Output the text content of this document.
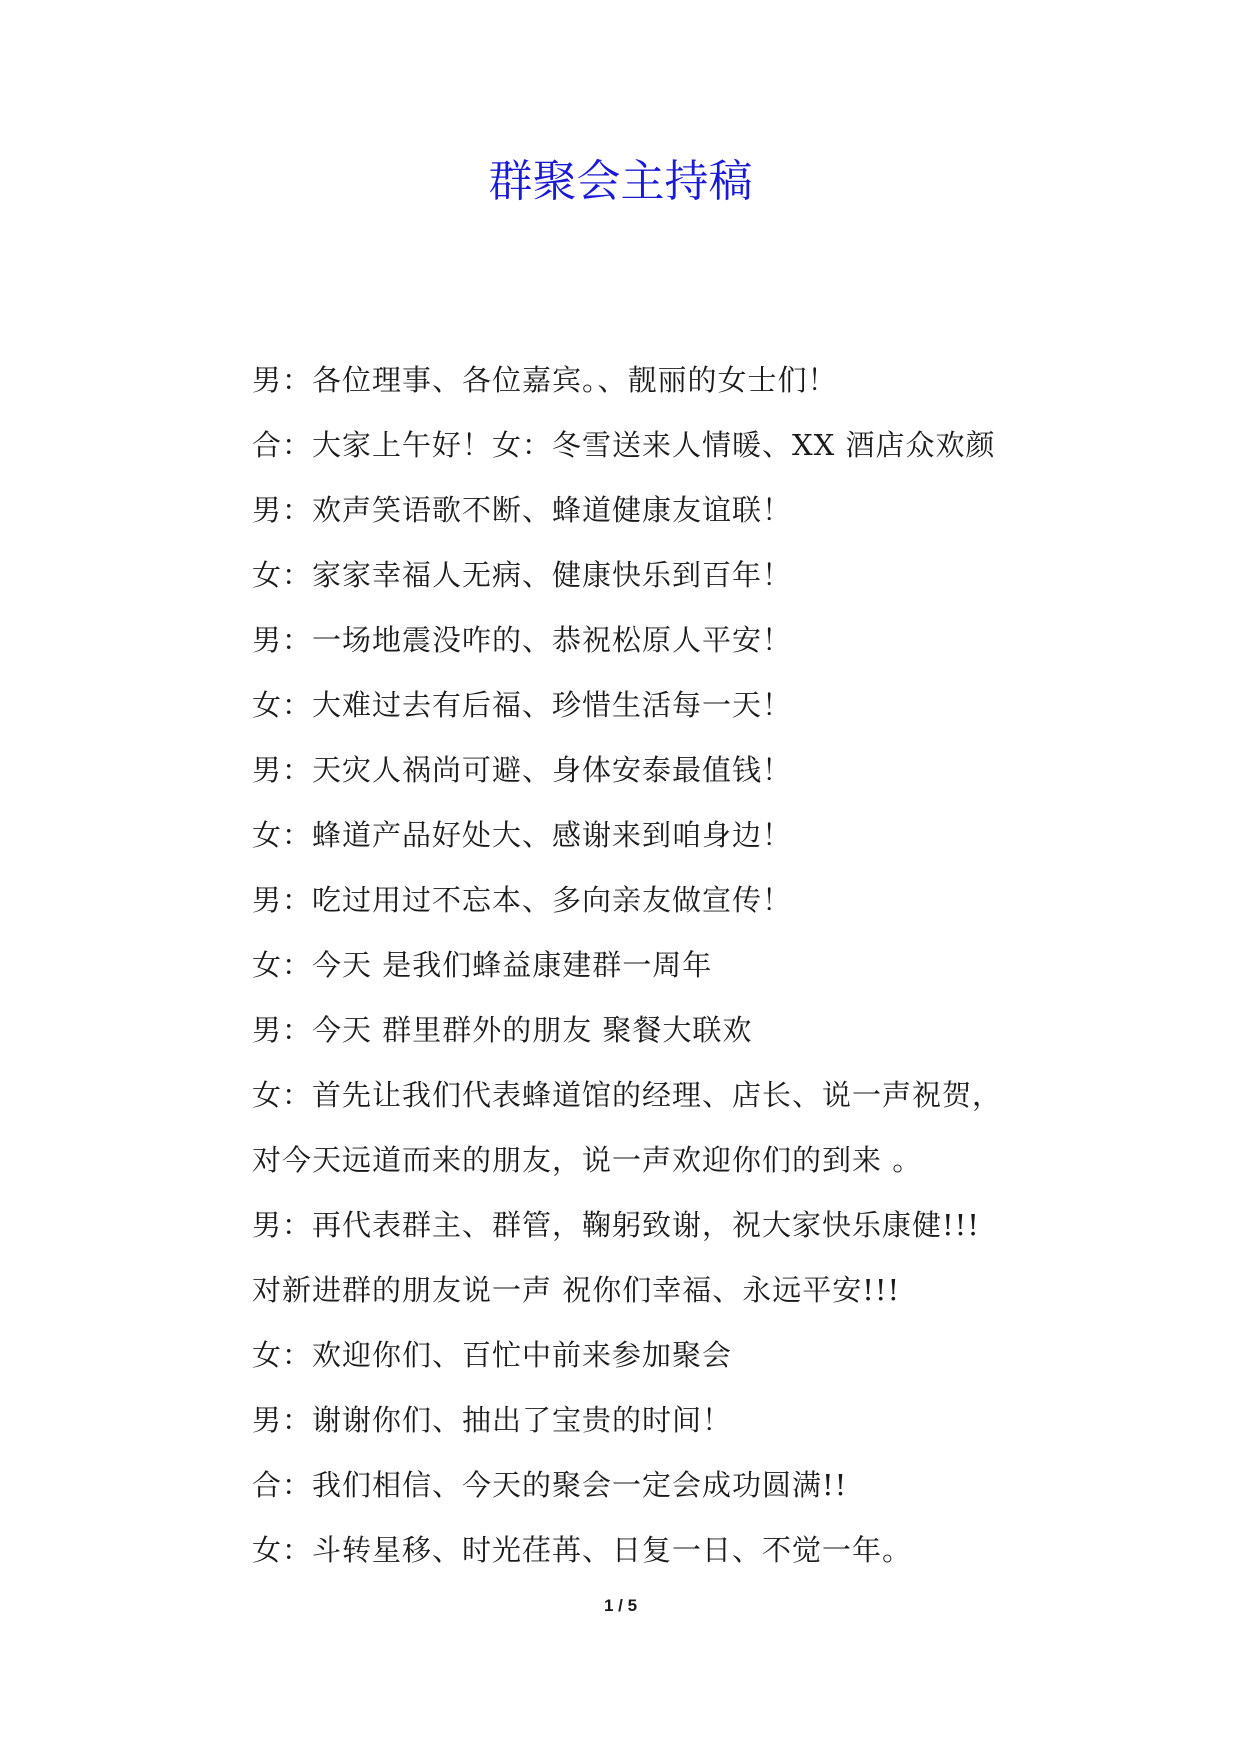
群聚会主持稿
男：各位理事、各位嘉宾。、靓丽的女士们！
合：大家上午好！女：冬雪送来人情暖、XX 酒店众欢颜
男：欢声笑语歌不断、蜂道健康友谊联！
女：家家幸福人无病、健康快乐到百年！
男：一场地震没咋的、恭祝松原人平安！
女：大难过去有后福、珍惜生活每一天！
男：天灾人祸尚可避、身体安泰最值钱！
女：蜂道产品好处大、感谢来到咱身边！
男：吃过用过不忘本、多向亲友做宣传！
女：今天 是我们蜂益康建群一周年
男：今天 群里群外的朋友 聚餐大联欢
女：首先让我们代表蜂道馆的经理、店长、说一声祝贺，
对今天远道而来的朋友，说一声欢迎你们的到来 。
男：再代表群主、群管，鞠躬致谢，祝大家快乐康健!!!
对新进群的朋友说一声 祝你们幸福、永远平安!!!
女：欢迎你们、百忙中前来参加聚会
男：谢谢你们、抽出了宝贵的时间！
合：我们相信、今天的聚会一定会成功圆满!!
女：斗转星移、时光荏苒、日复一日、不觉一年。
1 / 5
